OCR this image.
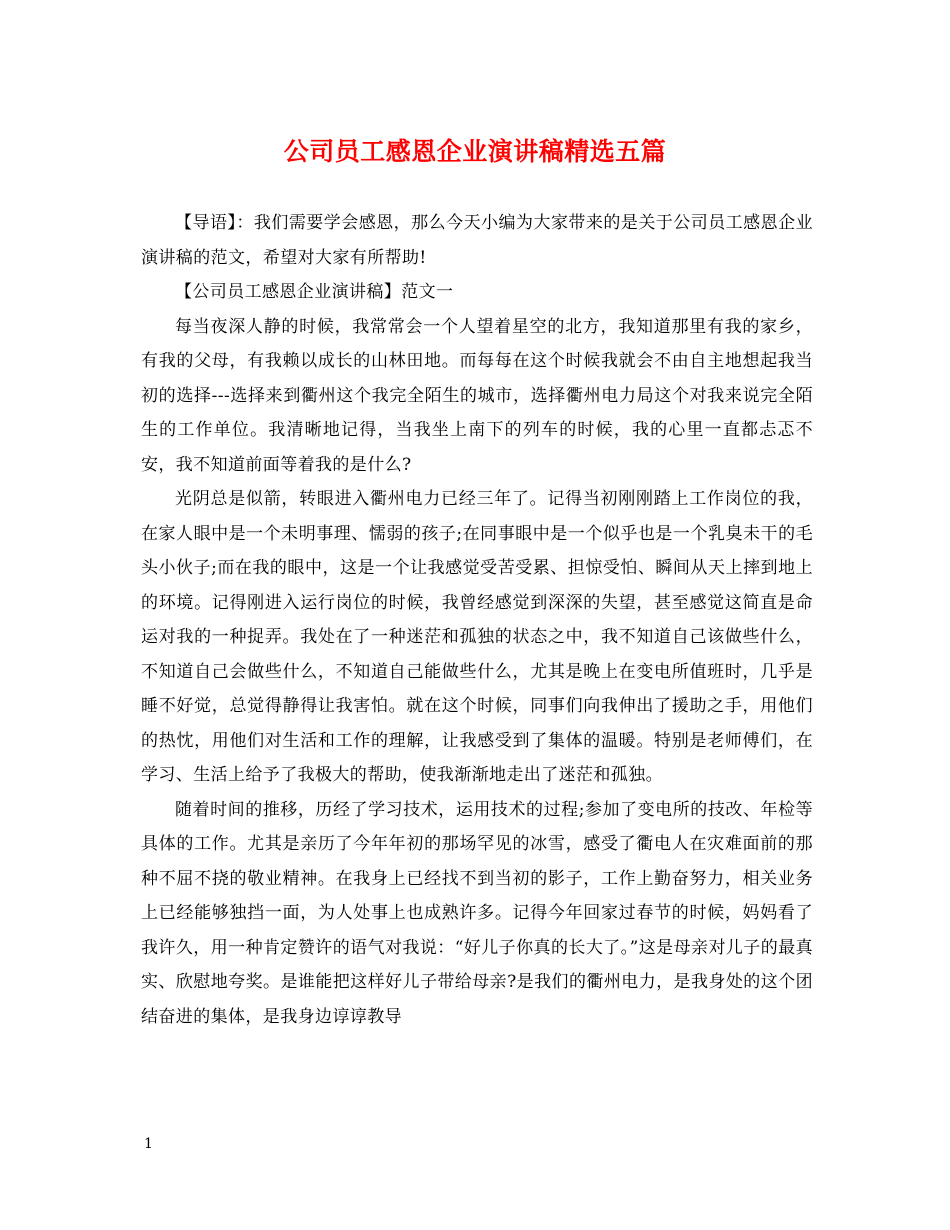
公司员工感恩企业演讲稿精选五篇

【导语】：我们需要学会感恩，那么今天小编为大家带来的是关于公司员工感恩企业演讲稿的范文，希望对大家有所帮助!

【公司员工感恩企业演讲稿】范文一

每当夜深人静的时候，我常常会一个人望着星空的北方，我知道那里有我的家乡，有我的父母，有我赖以成长的山林田地。而每每在这个时候我就会不由自主地想起我当初的选择---选择来到衢州这个我完全陌生的城市，选择衢州电力局这个对我来说完全陌生的工作单位。我清晰地记得，当我坐上南下的列车的时候，我的心里一直都忐忑不安，我不知道前面等着我的是什么?

光阴总是似箭，转眼进入衢州电力已经三年了。记得当初刚刚踏上工作岗位的我，在家人眼中是一个未明事理、懦弱的孩子;在同事眼中是一个似乎也是一个乳臭未干的毛头小伙子;而在我的眼中，这是一个让我感觉受苦受累、担惊受怕、瞬间从天上摔到地上的环境。记得刚进入运行岗位的时候，我曾经感觉到深深的失望，甚至感觉这简直是命运对我的一种捉弄。我处在了一种迷茫和孤独的状态之中，我不知道自己该做些什么，不知道自己会做些什么，不知道自己能做些什么，尤其是晚上在变电所值班时，几乎是睡不好觉，总觉得静得让我害怕。就在这个时候，同事们向我伸出了援助之手，用他们的热忱，用他们对生活和工作的理解，让我感受到了集体的温暖。特别是老师傅们，在学习、生活上给予了我极大的帮助，使我渐渐地走出了迷茫和孤独。

随着时间的推移，历经了学习技术，运用技术的过程;参加了变电所的技改、年检等具体的工作。尤其是亲历了今年年初的那场罕见的冰雪，感受了衢电人在灾难面前的那种不屈不挠的敬业精神。在我身上已经找不到当初的影子，工作上勤奋努力，相关业务上已经能够独挡一面，为人处事上也成熟许多。记得今年回家过春节的时候，妈妈看了我许久，用一种肯定赞许的语气对我说：“好儿子你真的长大了。”这是母亲对儿子的最真实、欣慰地夸奖。是谁能把这样好儿子带给母亲?是我们的衢州电力，是我身处的这个团结奋进的集体，是我身边谆谆教导

1
